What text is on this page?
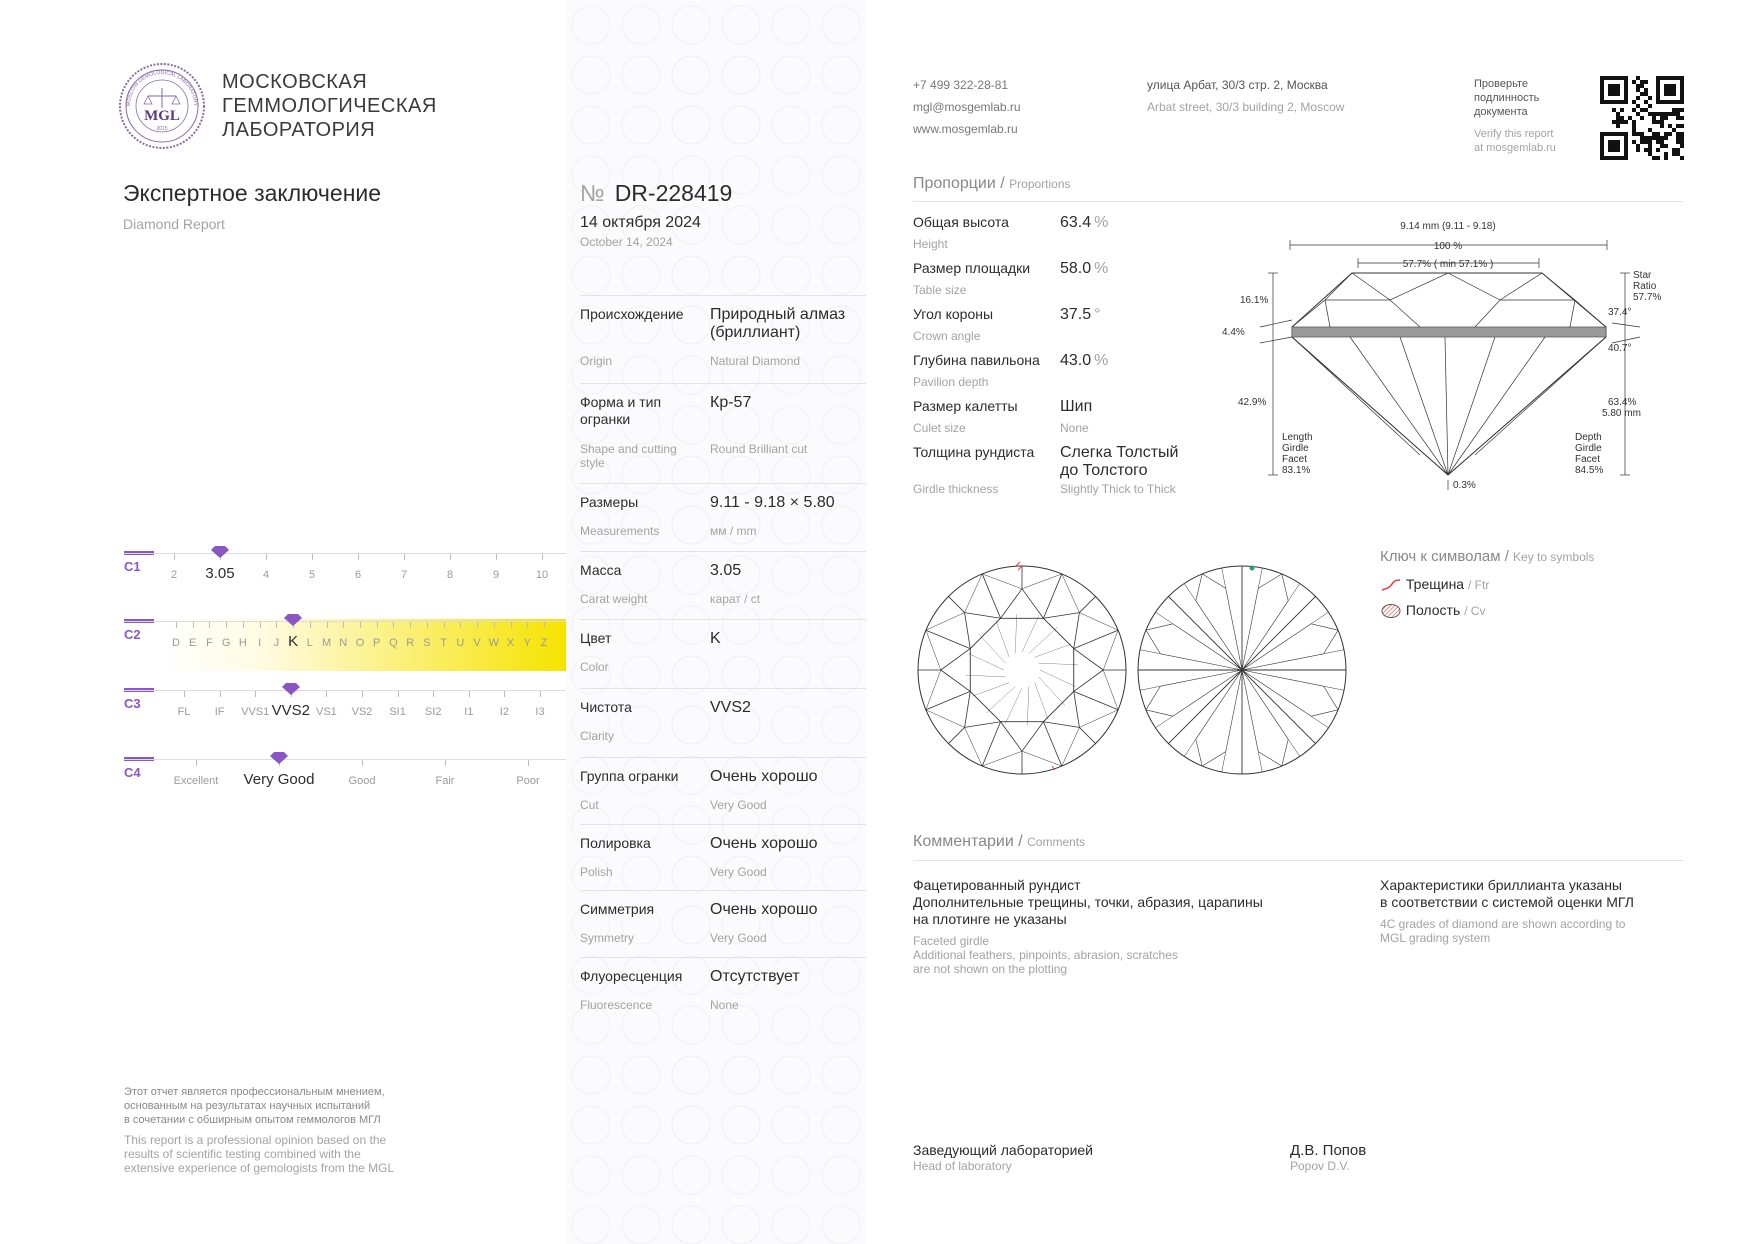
MGL
2015
MOSCOW GEMOLOGICAL LABORATORY
МОСКОВСКАЯ
ГЕММОЛОГИЧЕСКАЯ
ЛАБОРАТОРИЯ
Экспертное заключение
Diamond Report
№ DR-228419
14 октября 2024
October 14, 2024
Происхождение
Origin
Природный алмаз (бриллиант)
Natural Diamond
Форма и тип огранки
Shape and cutting style
Кр-57
Round Brilliant cut
Размеры
Measurements
9.11 - 9.18 × 5.80
мм / mm
Масса
Carat weight
3.05
карат / ct
Цвет
Color
K
Чистота
Clarity
VVS2
Группа огранки
Cut
Очень хорошо
Very Good
Полировка
Polish
Очень хорошо
Very Good
Симметрия
Symmetry
Очень хорошо
Very Good
Флуоресценция
Fluorescence
Отсутствует
None
C1
2 3.05	4	5	6	7	8	9	10
C2
D E F G H I J K L M N O P Q R S T U V W X Y Z
C3
FL IF VVS1 VVS2 VS1 VS2 SI1 SI2 I1 I2 I3
C4
Excellent Very Good	Good	Fair	Poor
+7 499 322-28-81
mgl@mosgemlab.ru
www.mosgemlab.ru
улица Арбат, 30/3 стр. 2, Москва
Arbat street, 30/3 building 2, Moscow
Проверьте
подлинность
документа
Verify this report
at mosgemlab.ru
Пропорции / Proportions
Общая высота
Height
63.4 %
Размер площадки
Table size
58.0 %
Угол короны
Crown angle
37.5 °
Глубина павильона
Pavilion depth
43.0 %
Размер калетты
Culet size
Шип
None
Толщина рундиста
Girdle thickness
Слегка Толстый до Толстого
Slightly Thick to Thick
9.14 mm (9.11 - 9.18)
100 %
57.7% ( min 57.1% )
16.1%
4.4%
42.9%
Length
Girdle
Facet
83.1%
Star
Ratio
57.7%
37.4°
40.7°
63.4%
5.80 mm
Depth
Girdle
Facet
84.5%
0.3%
Ключ к символам / Key to symbols
Трещина / Ftr
Полость / Cv
Комментарии / Comments
Фацетированный рундист
Дополнительные трещины, точки, абразия, царапины
на плотинге не указаны
Faceted girdle
Additional feathers, pinpoints, abrasion, scratches
are not shown on the plotting
Характеристики бриллианта указаны
в соответствии с системой оценки МГЛ
4C grades of diamond are shown according to
MGL grading system
Этот отчет является профессиональным мнением,
основанным на результатах научных испытаний
в сочетании с обширным опытом геммологов МГЛ
This report is a professional opinion based on the
results of scientific testing combined with the
extensive experience of gemologists from the MGL
Заведующий лабораторией
Head of laboratory
Д.В. Попов
Popov D.V.
